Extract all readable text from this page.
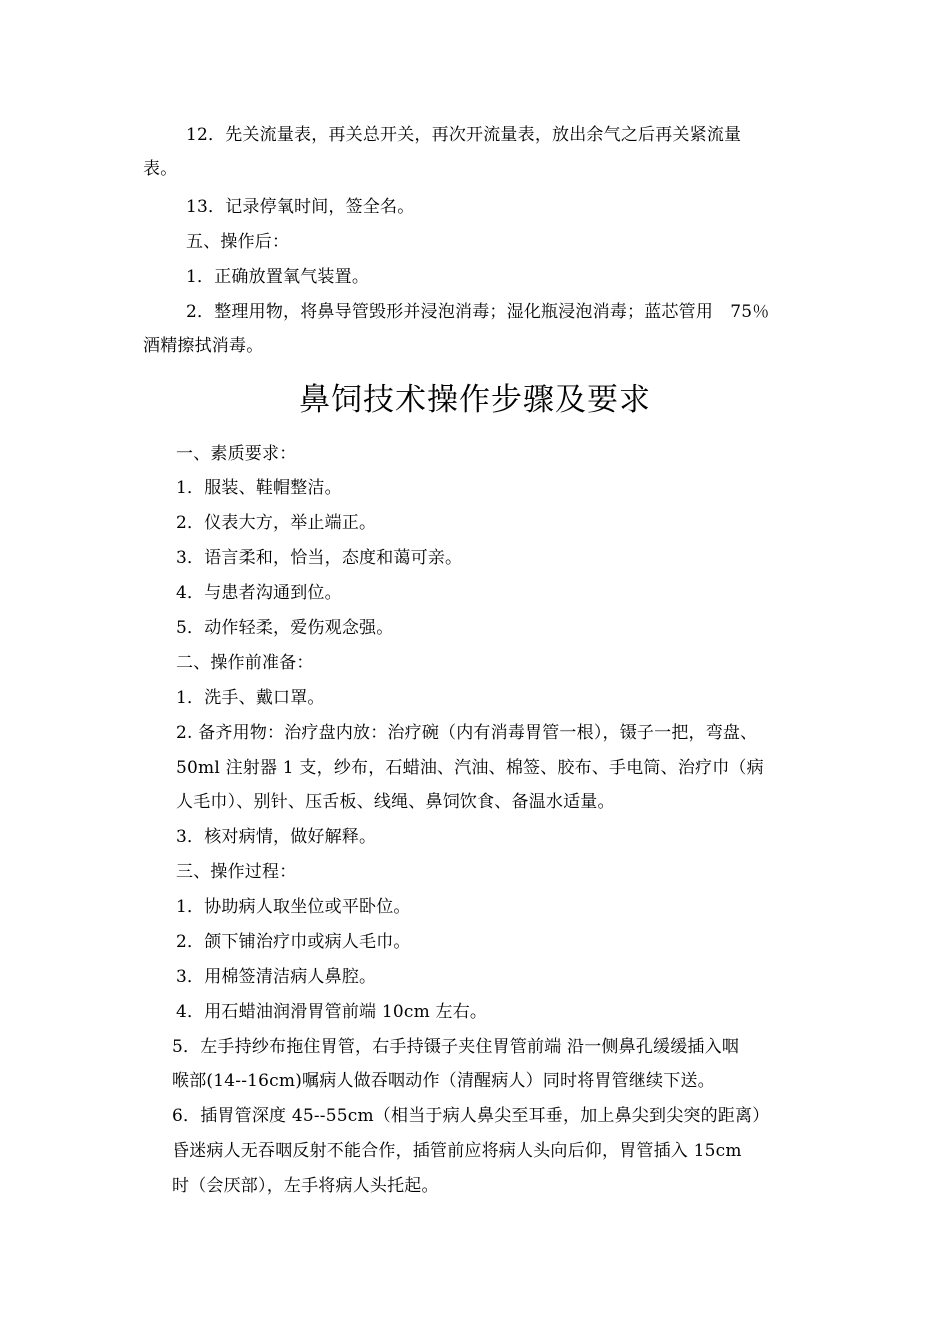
12．先关流量表，再关总开关，再次开流量表，放出余气之后再关紧流量
表。
13．记录停氧时间，签全名。
五、操作后：
1．正确放置氧气装置。
2．整理用物，将鼻导管毁形并浸泡消毒；湿化瓶浸泡消毒；蓝芯管用　75％
酒精擦拭消毒。
鼻饲技术操作步骤及要求
一、素质要求：
1．服装、鞋帽整洁。
2．仪表大方，举止端正。
3．语言柔和，恰当，态度和蔼可亲。
4．与患者沟通到位。
5．动作轻柔，爱伤观念强。
二、操作前准备：
1．洗手、戴口罩。
2. 备齐用物：治疗盘内放：治疗碗（内有消毒胃管一根），镊子一把，弯盘、
50ml 注射器 1 支，纱布，石蜡油、汽油、棉签、胶布、手电筒、治疗巾（病
人毛巾）、别针、压舌板、线绳、鼻饲饮食、备温水适量。
3．核对病情，做好解释。
三、操作过程：
1．协助病人取坐位或平卧位。
2．颌下铺治疗巾或病人毛巾。
3．用棉签清洁病人鼻腔。
4．用石蜡油润滑胃管前端 10cm 左右。
5．左手持纱布拖住胃管，右手持镊子夹住胃管前端 沿一侧鼻孔缓缓插入咽
喉部(14--16cm)嘱病人做吞咽动作（清醒病人）同时将胃管继续下送。
6．插胃管深度 45--55cm（相当于病人鼻尖至耳垂，加上鼻尖到尖突的距离）
昏迷病人无吞咽反射不能合作，插管前应将病人头向后仰，胃管插入 15cm
时（会厌部），左手将病人头托起。
